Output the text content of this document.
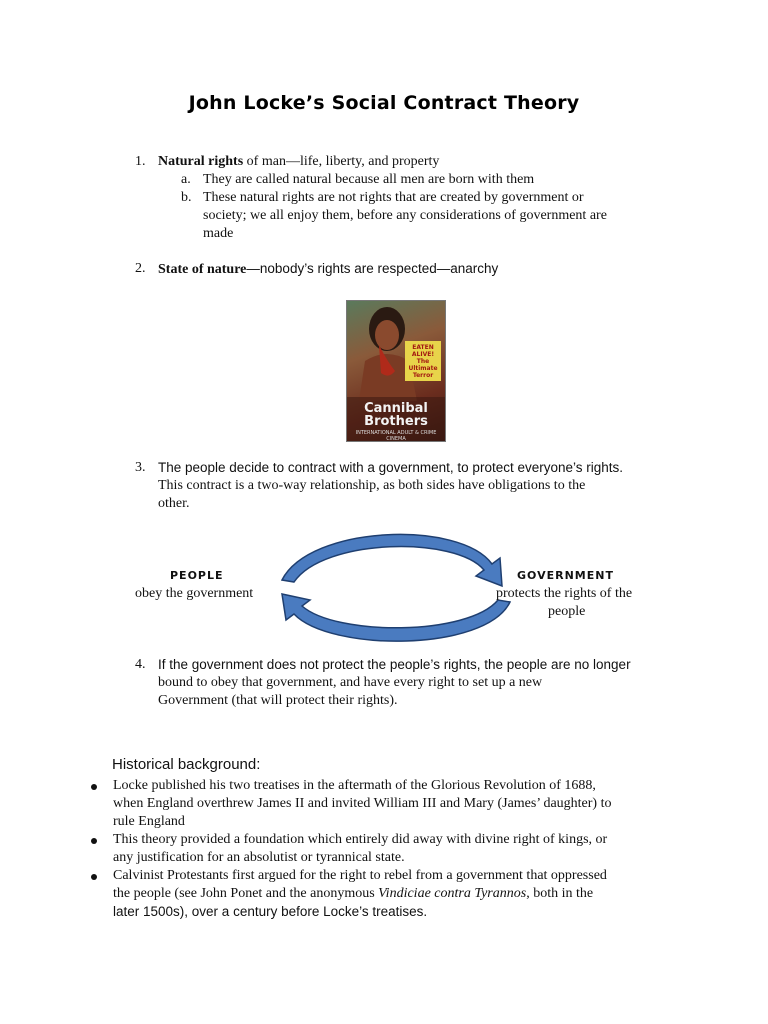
John Locke’s Social Contract Theory
1. Natural rights of man—life, liberty, and property
a. They are called natural because all men are born with them
b. These natural rights are not rights that are created by government or
society; we all enjoy them, before any considerations of government are
made
2. State of nature—nobody’s rights are respected—anarchy
EATEN ALIVE! The Ultimate Terror
Cannibal
Brothers
INTERNATIONAL ADULT & CRIME CINEMA
3. The people decide to contract with a government, to protect everyone’s rights.
This contract is a two-way relationship, as both sides have obligations to the
other.
PEOPLE
obey the government
GOVERNMENT
protects the rights of the
people
4. If the government does not protect the people’s rights, the people are no longer
bound to obey that government, and have every right to set up a new
Government (that will protect their rights).
Historical background:
Locke published his two treatises in the aftermath of the Glorious Revolution of 1688,
when England overthrew James II and invited William III and Mary (James’ daughter) to
rule England
This theory provided a foundation which entirely did away with divine right of kings, or
any justification for an absolutist or tyrannical state.
Calvinist Protestants first argued for the right to rebel from a government that oppressed
the people (see John Ponet and the anonymous Vindiciae contra Tyrannos, both in the
later 1500s), over a century before Locke’s treatises.
